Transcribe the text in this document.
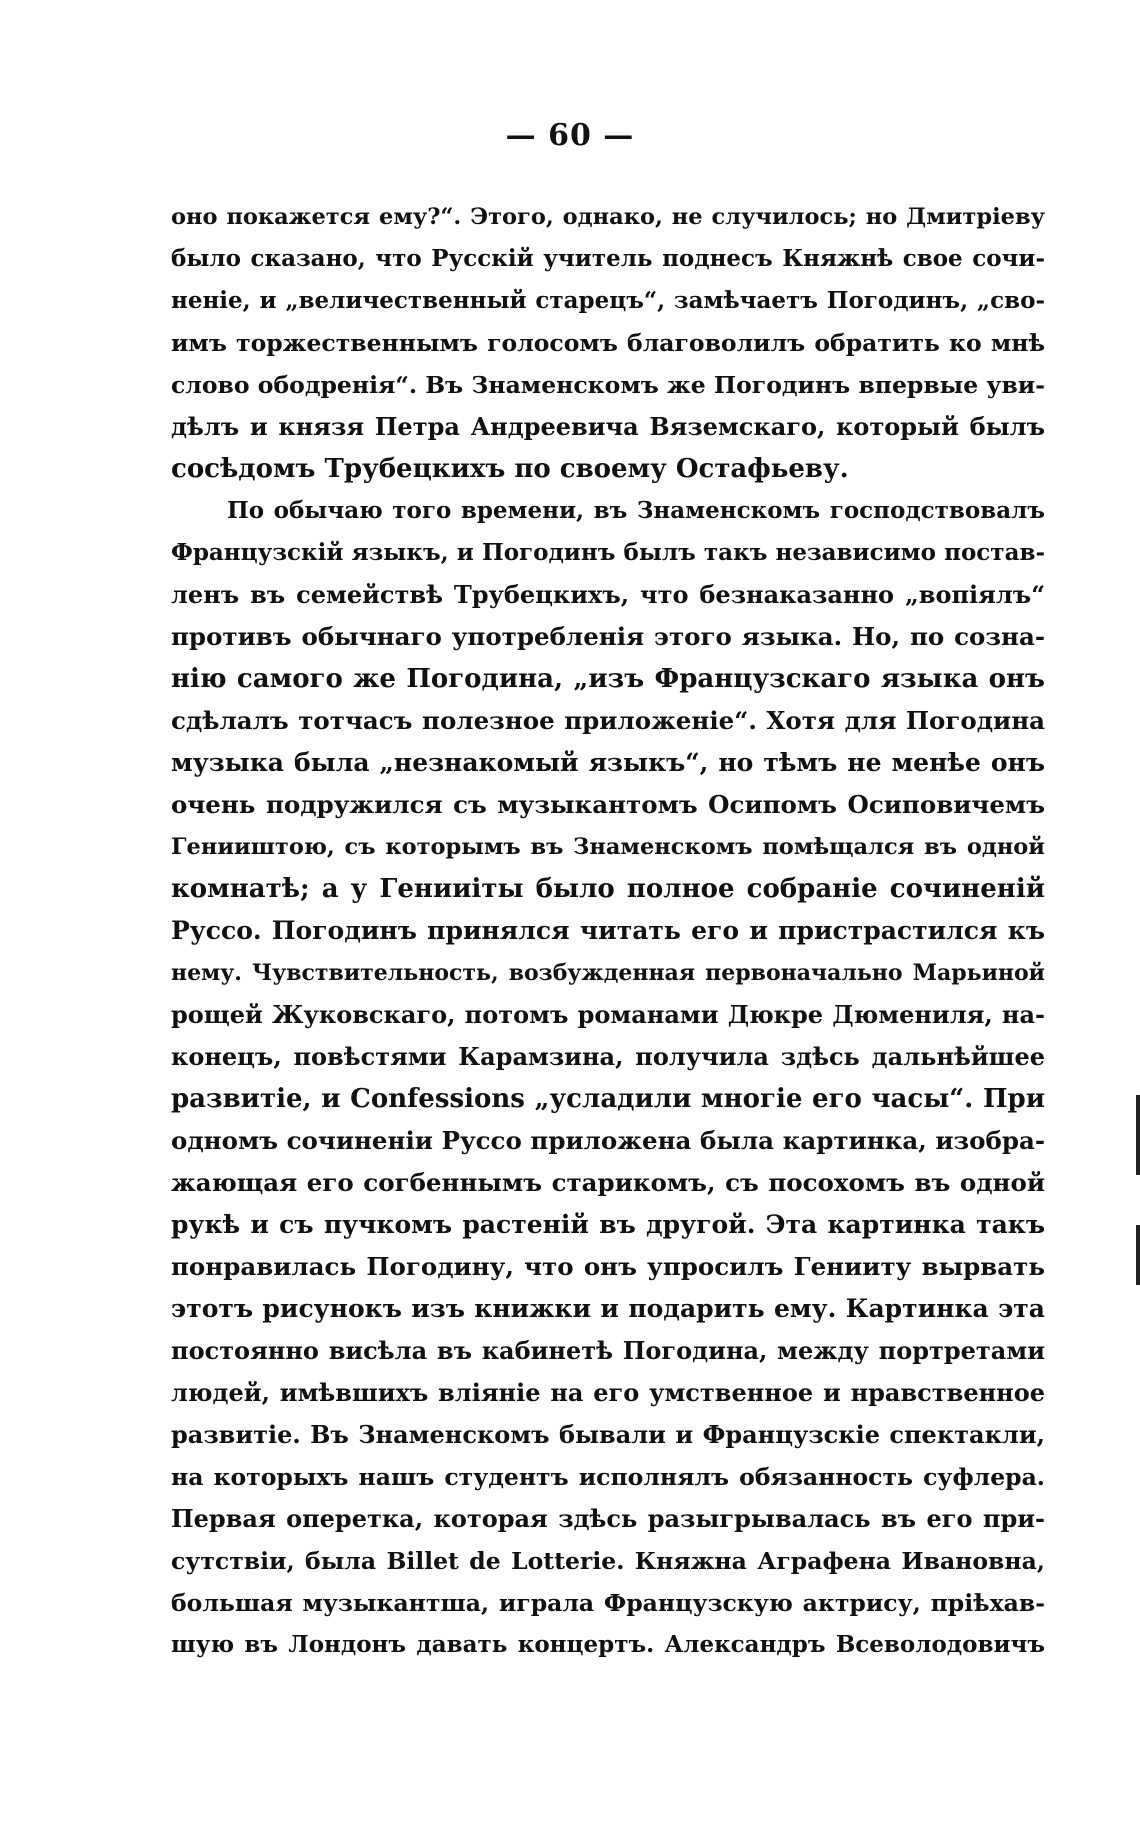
— 60 —
оно покажется ему?“. Этого, однако, не случилось; но Дмитріеву
было сказано, что Русскій учитель поднесъ Княжнѣ свое сочи-
неніе, и „величественный старецъ“, замѣчаетъ Погодинъ, „сво-
имъ торжественнымъ голосомъ благоволилъ обратить ко мнѣ
слово ободренія“. Въ Знаменскомъ же Погодинъ впервые уви-
дѣлъ и князя Петра Андреевича Вяземскаго, который былъ
сосѣдомъ Трубецкихъ по своему Остафьеву.
По обычаю того времени, въ Знаменскомъ господствовалъ
Французскій языкъ, и Погодинъ былъ такъ независимо постав-
ленъ въ семействѣ Трубецкихъ, что безнаказанно „вопіялъ“
противъ обычнаго употребленія этого языка. Но, по созна-
нію самого же Погодина, „изъ Французскаго языка онъ
сдѣлалъ тотчасъ полезное приложеніе“. Хотя для Погодина
музыка была „незнакомый языкъ“, но тѣмъ не менѣе онъ
очень подружился съ музыкантомъ Осипомъ Осиповичемъ
Генииштою, съ которымъ въ Знаменскомъ помѣщался въ одной
комнатѣ; а у Генииіты было полное собраніе сочиненій
Руссо. Погодинъ принялся читать его и пристрастился къ
нему. Чувствительность, возбужденная первоначально Марьиной
рощей Жуковскаго, потомъ романами Дюкре Дюмениля, на-
конецъ, повѣстями Карамзина, получила здѣсь дальнѣйшее
развитіе, и Confessions „усладили многіе его часы“. При
одномъ сочиненіи Руссо приложена была картинка, изобра-
жающая его согбеннымъ старикомъ, съ посохомъ въ одной
рукѣ и съ пучкомъ растеній въ другой. Эта картинка такъ
понравилась Погодину, что онъ упросилъ Генииту вырвать
этотъ рисунокъ изъ книжки и подарить ему. Картинка эта
постоянно висѣла въ кабинетѣ Погодина, между портретами
людей, имѣвшихъ вліяніе на его умственное и нравственное
развитіе. Въ Знаменскомъ бывали и Французскіе спектакли,
на которыхъ нашъ студентъ исполнялъ обязанность суфлера.
Первая оперетка, которая здѣсь разыгрывалась въ его при-
сутствіи, была Billet de Lotterie. Княжна Аграфена Ивановна,
большая музыкантша, играла Французскую актрису, пріѣхав-
шую въ Лондонъ давать концертъ. Александръ Всеволодовичъ
